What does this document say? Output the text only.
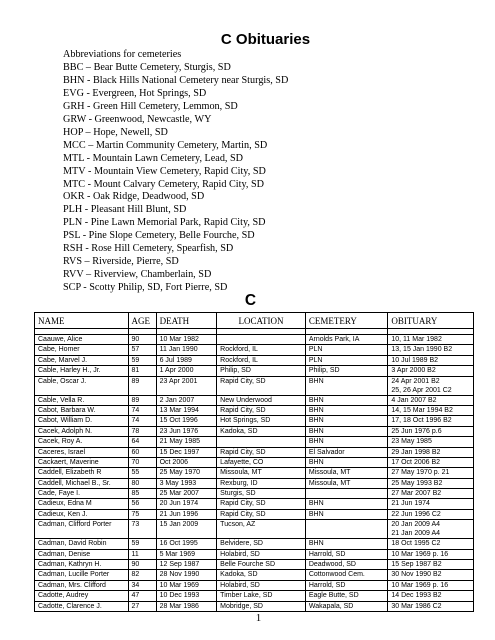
C Obituaries
Abbreviations for cemeteries
BBC – Bear Butte Cemetery, Sturgis, SD
BHN - Black Hills National Cemetery near Sturgis, SD
EVG - Evergreen, Hot Springs, SD
GRH - Green Hill Cemetery, Lemmon, SD
GRW - Greenwood, Newcastle, WY
HOP – Hope, Newell, SD
MCC – Martin Community Cemetery, Martin, SD
MTL - Mountain Lawn Cemetery, Lead, SD
MTV - Mountain View Cemetery, Rapid City, SD
MTC - Mount Calvary Cemetery, Rapid City, SD
OKR - Oak Ridge, Deadwood, SD
PLH - Pleasant Hill Blunt, SD
PLN - Pine Lawn Memorial Park, Rapid City, SD
PSL - Pine Slope Cemetery, Belle Fourche, SD
RSH - Rose Hill Cemetery, Spearfish, SD
RVS – Riverside, Pierre, SD
RVV – Riverview, Chamberlain, SD
SCP - Scotty Philip, SD, Fort Pierre, SD
C
NAME	AGE	DEATH	LOCATION	CEMETERY	OBITUARY

Caauwe, Alice	90	10 Mar 1982		Arnolds Park, IA	10, 11 Mar 1982

Cabe, Homer	57	11 Jan 1990	Rockford, IL	PLN	13, 15 Jan 1990 B2

Cabe, Marvel J.	59	6 Jul 1989	Rockford, IL	PLN	10 Jul 1989 B2

Cable, Harley H., Jr.	81	1 Apr 2000	Philip, SD	Philip, SD	3 Apr 2000 B2

Cable, Oscar J.	89	23 Apr 2001	Rapid City, SD	BHN	24 Apr 2001 B2
25, 26 Apr 2001 C2

Cable, Vella R.	89	2 Jan 2007	New Underwood	BHN	4 Jan 2007 B2

Cabot, Barbara W.	74	13 Mar 1994	Rapid City, SD	BHN	14, 15 Mar 1994 B2

Cabot, William D.	74	15 Oct 1996	Hot Springs, SD	BHN	17, 18 Oct 1996 B2

Cacek, Adolph N.	78	23 Jun 1976	Kadoka, SD	BHN	25 Jun 1976 p.6

Cacek, Roy A.	64	21 May 1985		BHN	23 May 1985

Caceres, Israel	60	15 Dec 1997	Rapid City, SD	El Salvador	29 Jan 1998 B2

Cackaert, Maverine	70	Oct 2006	Lafayette, CO	BHN	17 Oct 2006 B2

Caddell, Elizabeth R	55	25 May 1970	Missoula, MT	Missoula, MT	27 May 1970 p. 21

Caddell, Michael B., Sr.	80	3 May 1993	Rexburg, ID	Missoula, MT	25 May 1993 B2

Cade, Faye I.	85	25 Mar 2007	Sturgis, SD		27 Mar 2007 B2

Cadieux, Edna M	56	20 Jun 1974	Rapid City, SD	BHN	21 Jun 1974

Cadieux, Ken J.	75	21 Jun 1996	Rapid City, SD	BHN	22 Jun 1996 C2

Cadman, Clifford Porter	73	15 Jan 2009	Tucson, AZ		20 Jan 2009 A4
21 Jan 2009 A4

Cadman, David Robin	59	16 Oct 1995	Belvidere, SD	BHN	18 Oct 1995 C2

Cadman, Denise	11	5 Mar 1969	Holabird, SD	Harrold, SD	10 Mar 1969 p. 16

Cadman, Kathryn H.	90	12 Sep 1987	Belle Fourche SD	Deadwood, SD	15 Sep 1987 B2

Cadman, Lucille Porter	82	28 Nov 1990	Kadoka, SD	Cottonwood Cem.	30 Nov 1990 B2

Cadman, Mrs. Clifford	34	10 Mar 1969	Holabird, SD	Harrold, SD	10 Mar 1969 p. 16

Cadotte, Audrey	47	10 Dec 1993	Timber Lake, SD	Eagle Butte, SD	14 Dec 1993 B2

Cadotte, Clarence J.	27	28 Mar 1986	Mobridge, SD	Wakapala, SD	30 Mar 1986 C2
1
